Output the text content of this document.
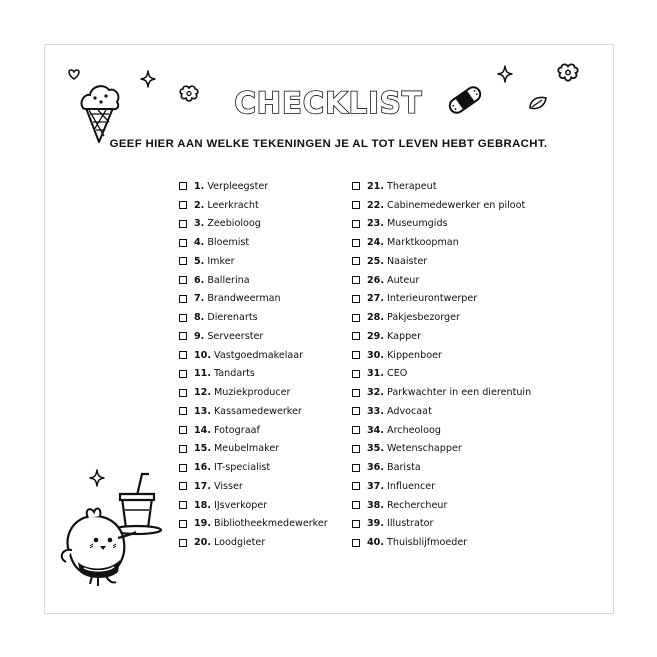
CHECKLIST
GEEF HIER AAN WELKE TEKENINGEN JE AL TOT LEVEN HEBT GEBRACHT.
1. Verpleegster
2. Leerkracht
3. Zeebioloog
4. Bloemist
5. Imker
6. Ballerina
7. Brandweerman
8. Dierenarts
9. Serveerster
10. Vastgoedmakelaar
11. Tandarts
12. Muziekproducer
13. Kassamedewerker
14. Fotograaf
15. Meubelmaker
16. IT-specialist
17. Visser
18. IJsverkoper
19. Bibliotheekmedewerker
20. Loodgieter
21. Therapeut
22. Cabinemedewerker en piloot
23. Museumgids
24. Marktkoopman
25. Naaister
26. Auteur
27. Interieurontwerper
28. Pakjesbezorger
29. Kapper
30. Kippenboer
31. CEO
32. Parkwachter in een dierentuin
33. Advocaat
34. Archeoloog
35. Wetenschapper
36. Barista
37. Influencer
38. Rechercheur
39. Illustrator
40. Thuisblijfmoeder
